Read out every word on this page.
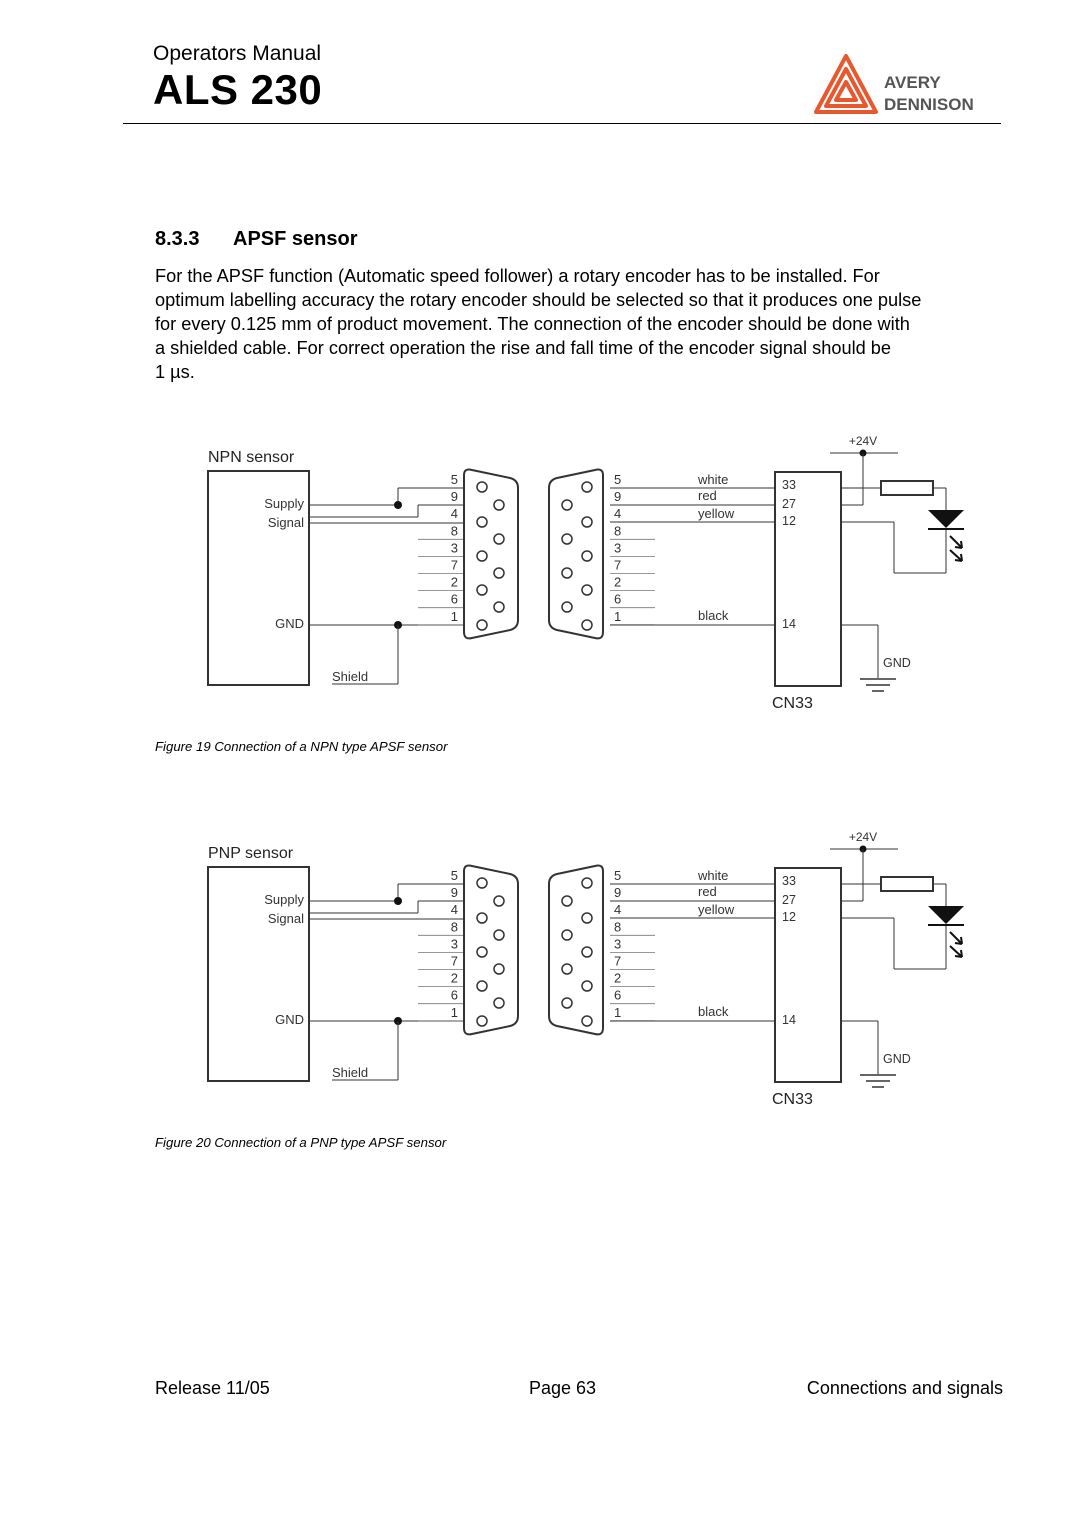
Operators Manual
ALS 230	AVERY
DENNISON
8.3.3 APSF sensor
For the APSF function (Automatic speed follower) a rotary encoder has to be installed. For
optimum labelling accuracy the rotary encoder should be selected so that it produces one pulse
for every 0.125 mm of product movement. The connection of the encoder should be done with
a shielded cable. For correct operation the rise and fall time of the encoder signal should be
1 µs.
NPN sensor
Supply
Signal
GND
Shield
5	5
9	9
4	4
8	8
3	3
7	7
2	2
6	6
1	1
white
red
yellow
black
33
27
12
14
CN33
+24V
GND
Figure 19 Connection of a NPN type APSF sensor
PNP sensor
Supply
Signal
GND
Shield
5	5
9	9
4	4
8	8
3	3
7	7
2	2
6	6
1	1
white
red
yellow
black
33
27
12
14
CN33
+24V
GND
Figure 20 Connection of a PNP type APSF sensor
Release 11/05	Page 63	Connections and signals
